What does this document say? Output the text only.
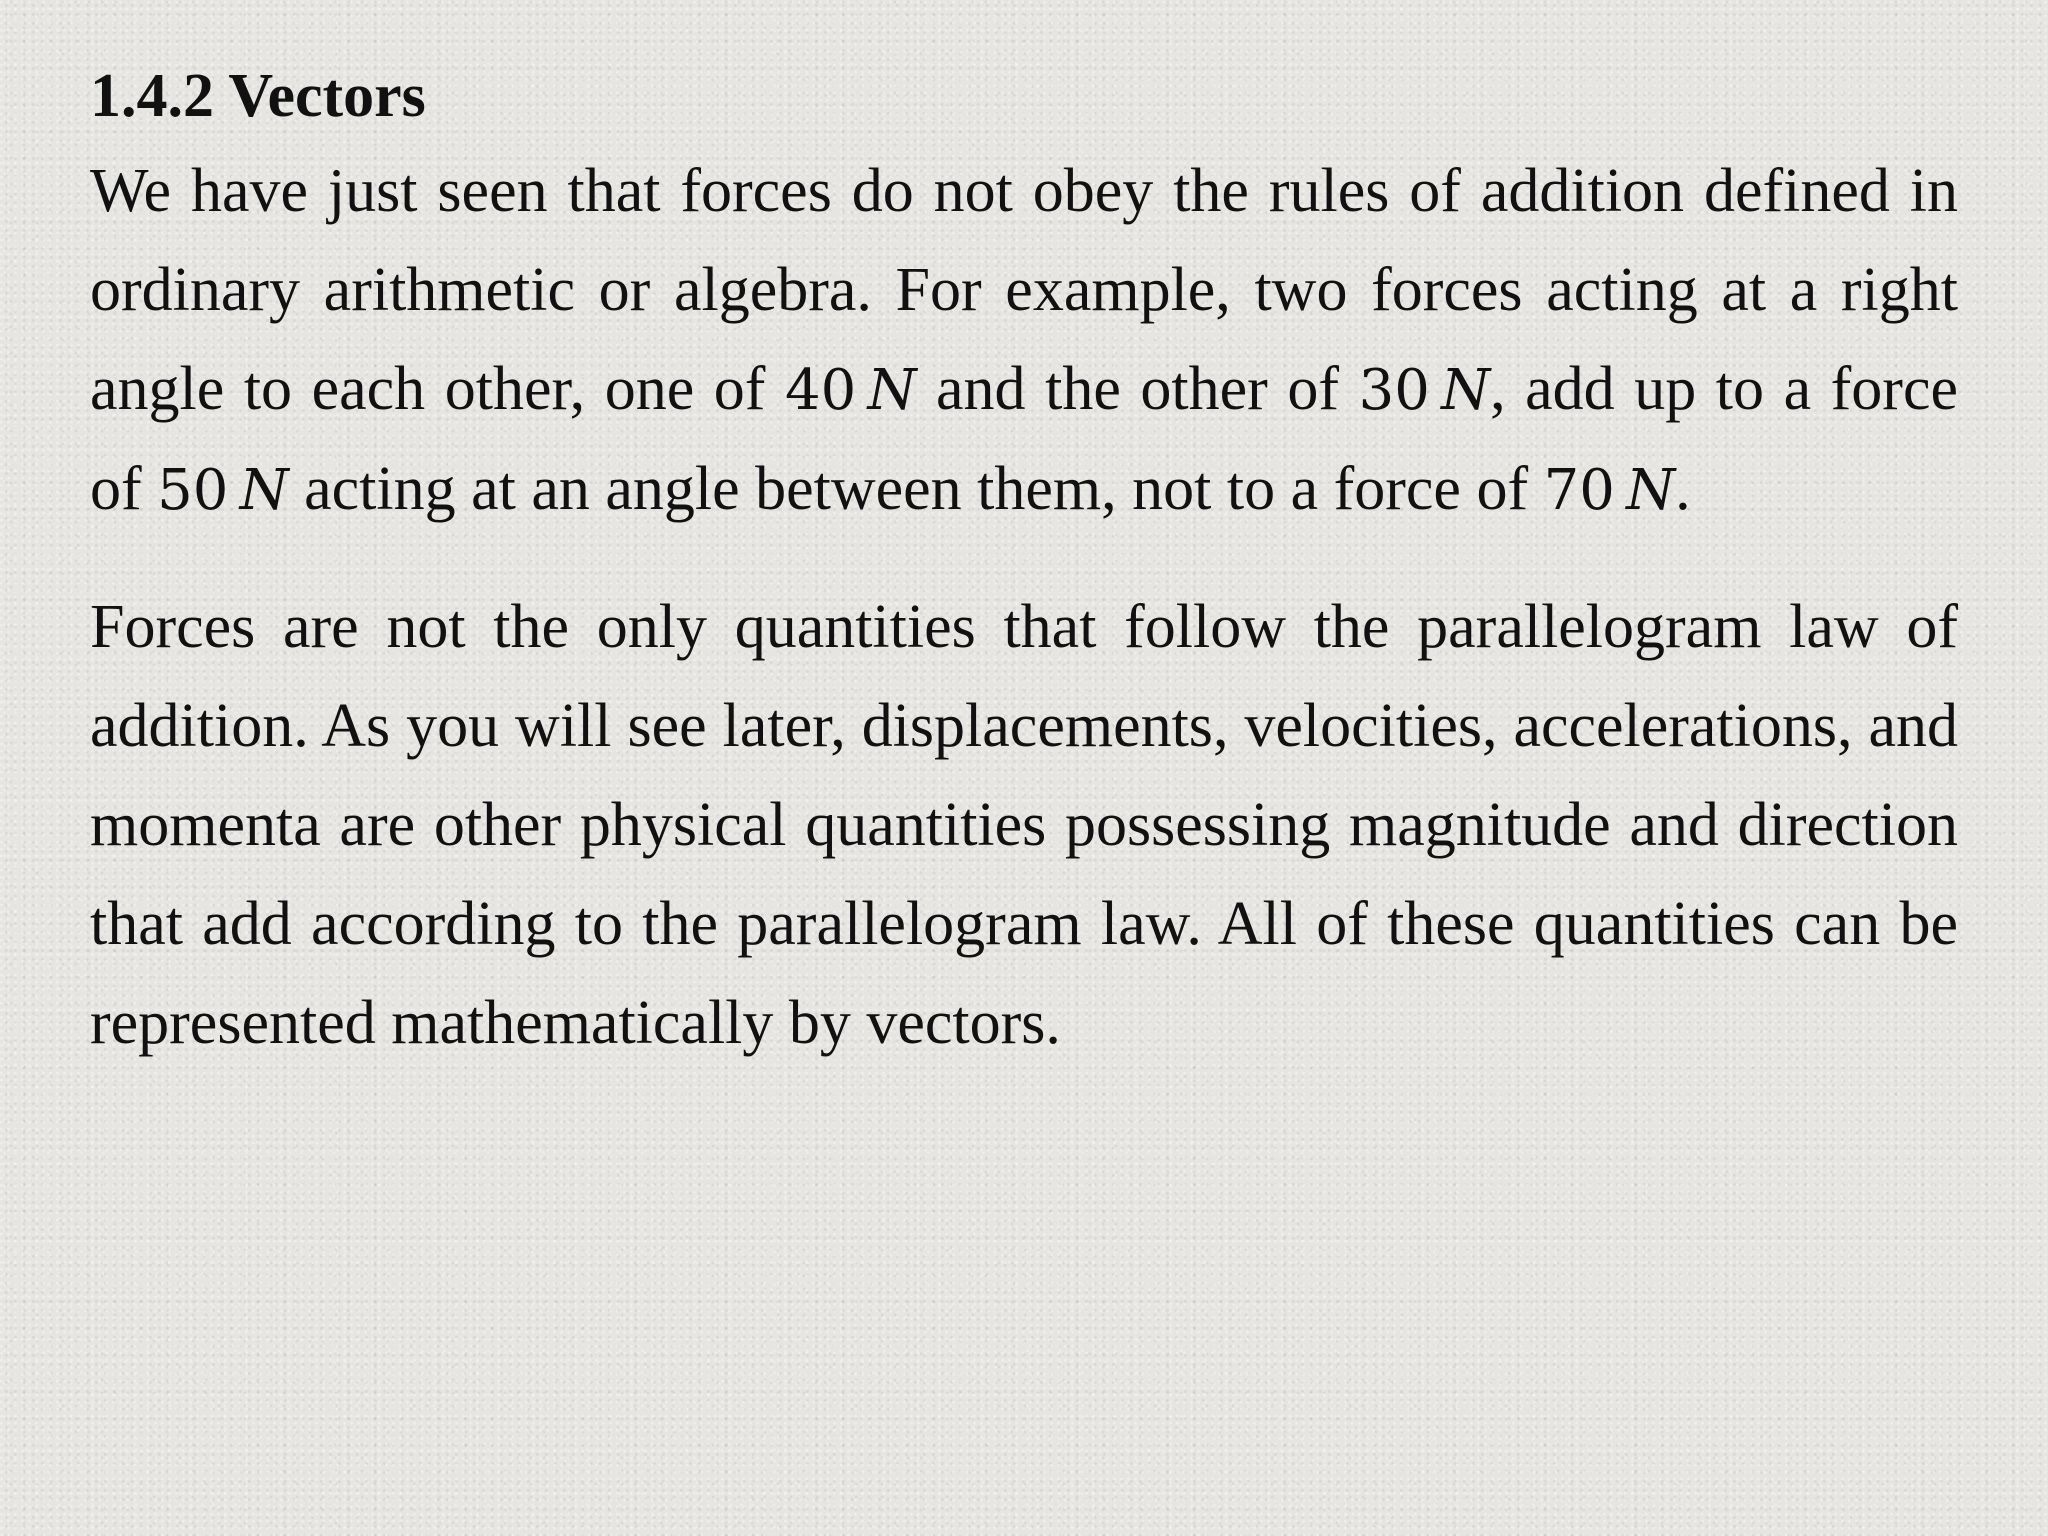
1.4.2 Vectors

We have just seen that forces do not obey the rules of addition defined in ordinary arithmetic or algebra. For example, two forces acting at a right angle to each other, one of 40  N and the other of 30  N, add up to a force of 50  N acting at an angle between them, not to a force of 70  N.

Forces are not the only quantities that follow the parallelogram law of addition. As you will see later, displacements, velocities, accelerations, and momenta are other physical quantities possessing magnitude and direction that add according to the parallelogram law. All of these quantities can be represented mathematically by vectors.
